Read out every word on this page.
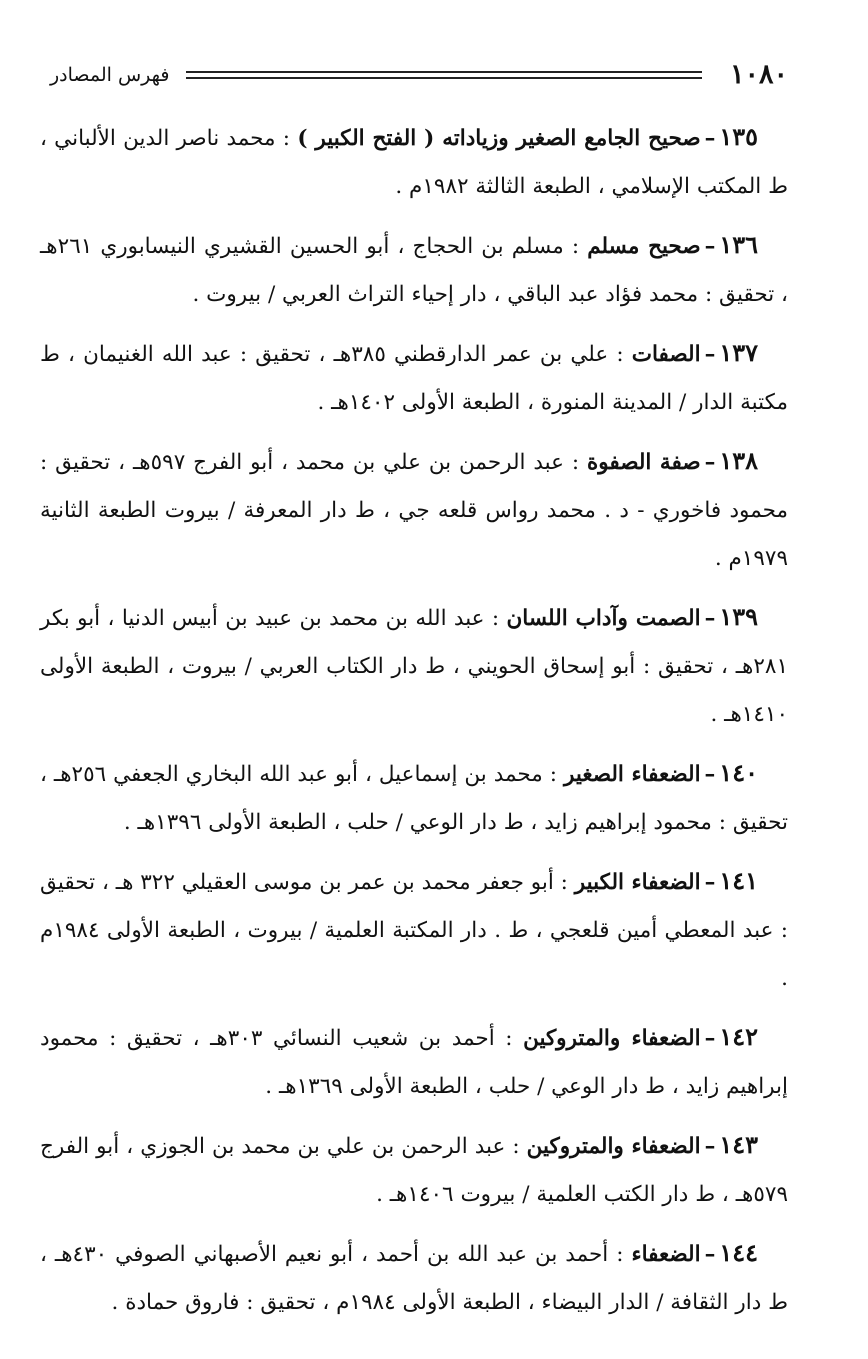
١٠٨٠
فهرس المصادر

١٣٥–صحيح الجامع الصغير وزياداته ( الفتح الكبير ) : محمد ناصر الدين الألباني ، ط المكتب الإسلامي ، الطبعة الثالثة ١٩٨٢م .

١٣٦–صحيح مسلم : مسلم بن الحجاج ، أبو الحسين القشيري النيسابوري ٢٦١هـ ، تحقيق : محمد فؤاد عبد الباقي ، دار إحياء التراث العربي / بيروت .

١٣٧–الصفات : علي بن عمر الدارقطني ٣٨٥هـ ، تحقيق : عبد الله الغنيمان ، ط مكتبة الدار / المدينة المنورة ، الطبعة الأولى ١٤٠٢هـ .

١٣٨–صفة الصفوة : عبد الرحمن بن علي بن محمد ، أبو الفرج ٥٩٧هـ ، تحقيق : محمود فاخوري - د . محمد رواس قلعه جي ، ط دار المعرفة / بيروت الطبعة الثانية ١٩٧٩م .

١٣٩–الصمت وآداب اللسان : عبد الله بن محمد بن عبيد بن أبيس الدنيا ، أبو بكر ٢٨١هـ ، تحقيق : أبو إسحاق الحويني ، ط دار الكتاب العربي / بيروت ، الطبعة الأولى ١٤١٠هـ .

١٤٠–الضعفاء الصغير : محمد بن إسماعيل ، أبو عبد الله البخاري الجعفي ٢٥٦هـ ، تحقيق : محمود إبراهيم زايد ، ط دار الوعي / حلب ، الطبعة الأولى ١٣٩٦هـ .

١٤١–الضعفاء الكبير : أبو جعفر محمد بن عمر بن موسى العقيلي ٣٢٢ هـ ، تحقيق : عبد المعطي أمين قلعجي ، ط . دار المكتبة العلمية / بيروت ، الطبعة الأولى ١٩٨٤م .

١٤٢–الضعفاء والمتروكين : أحمد بن شعيب النسائي ٣٠٣هـ ، تحقيق : محمود إبراهيم زايد ، ط دار الوعي / حلب ، الطبعة الأولى ١٣٦٩هـ .

١٤٣–الضعفاء والمتروكين : عبد الرحمن بن علي بن محمد بن الجوزي ، أبو الفرج ٥٧٩هـ ، ط دار الكتب العلمية / بيروت ١٤٠٦هـ .

١٤٤–الضعفاء : أحمد بن عبد الله بن أحمد ، أبو نعيم الأصبهاني الصوفي ٤٣٠هـ ، ط دار الثقافة / الدار البيضاء ، الطبعة الأولى ١٩٨٤م ، تحقيق : فاروق حمادة .
